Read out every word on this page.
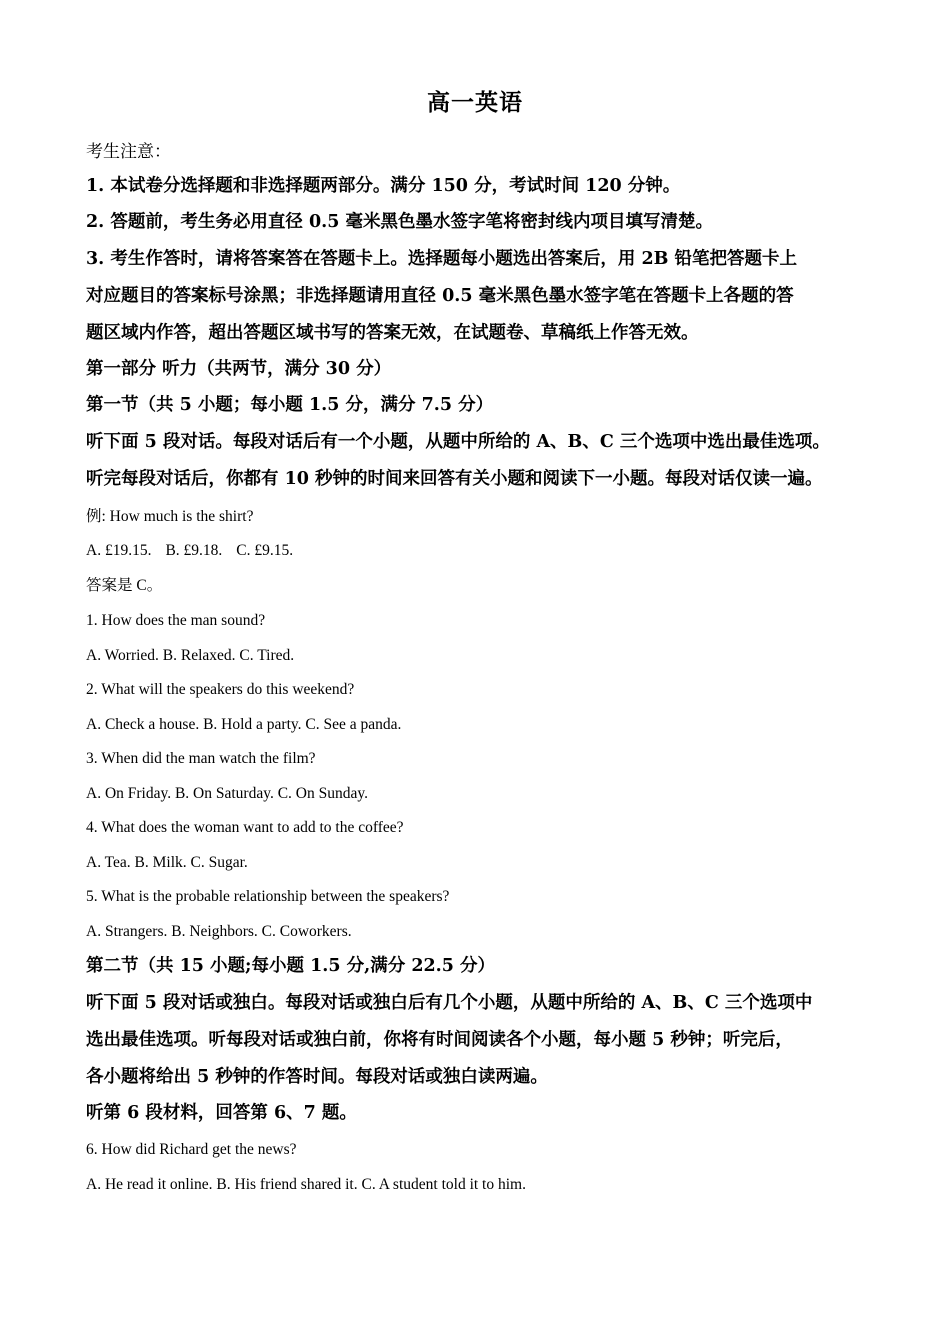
高一英语
考生注意：
1. 本试卷分选择题和非选择题两部分。满分 150 分，考试时间 120 分钟。
2. 答题前，考生务必用直径 0.5 毫米黑色墨水签字笔将密封线内项目填写清楚。
3. 考生作答时，请将答案答在答题卡上。选择题每小题选出答案后，用 2B 铅笔把答题卡上
对应题目的答案标号涂黑；非选择题请用直径 0.5 毫米黑色墨水签字笔在答题卡上各题的答
题区域内作答，超出答题区域书写的答案无效，在试题卷、草稿纸上作答无效。
第一部分 听力（共两节，满分 30 分）
第一节（共 5 小题；每小题 1.5 分，满分 7.5 分）
听下面 5 段对话。每段对话后有一个小题，从题中所给的 A、B、C 三个选项中选出最佳选项。
听完每段对话后，你都有 10 秒钟的时间来回答有关小题和阅读下一小题。每段对话仅读一遍。
例: How much is the shirt?
A. £19.15. B. £9.18. C. £9.15.
答案是 C。
1. How does the man sound?
A. Worried. B. Relaxed. C. Tired.
2. What will the speakers do this weekend?
A. Check a house. B. Hold a party. C. See a panda.
3. When did the man watch the film?
A. On Friday. B. On Saturday. C. On Sunday.
4. What does the woman want to add to the coffee?
A. Tea. B. Milk. C. Sugar.
5. What is the probable relationship between the speakers?
A. Strangers. B. Neighbors. C. Coworkers.
第二节（共 15 小题;每小题 1.5 分,满分 22.5 分）
听下面 5 段对话或独白。每段对话或独白后有几个小题，从题中所给的 A、B、C 三个选项中
选出最佳选项。听每段对话或独白前，你将有时间阅读各个小题，每小题 5 秒钟；听完后，
各小题将给出 5 秒钟的作答时间。每段对话或独白读两遍。
听第 6 段材料，回答第 6、7 题。
6. How did Richard get the news?
A. He read it online. B. His friend shared it. C. A student told it to him.
